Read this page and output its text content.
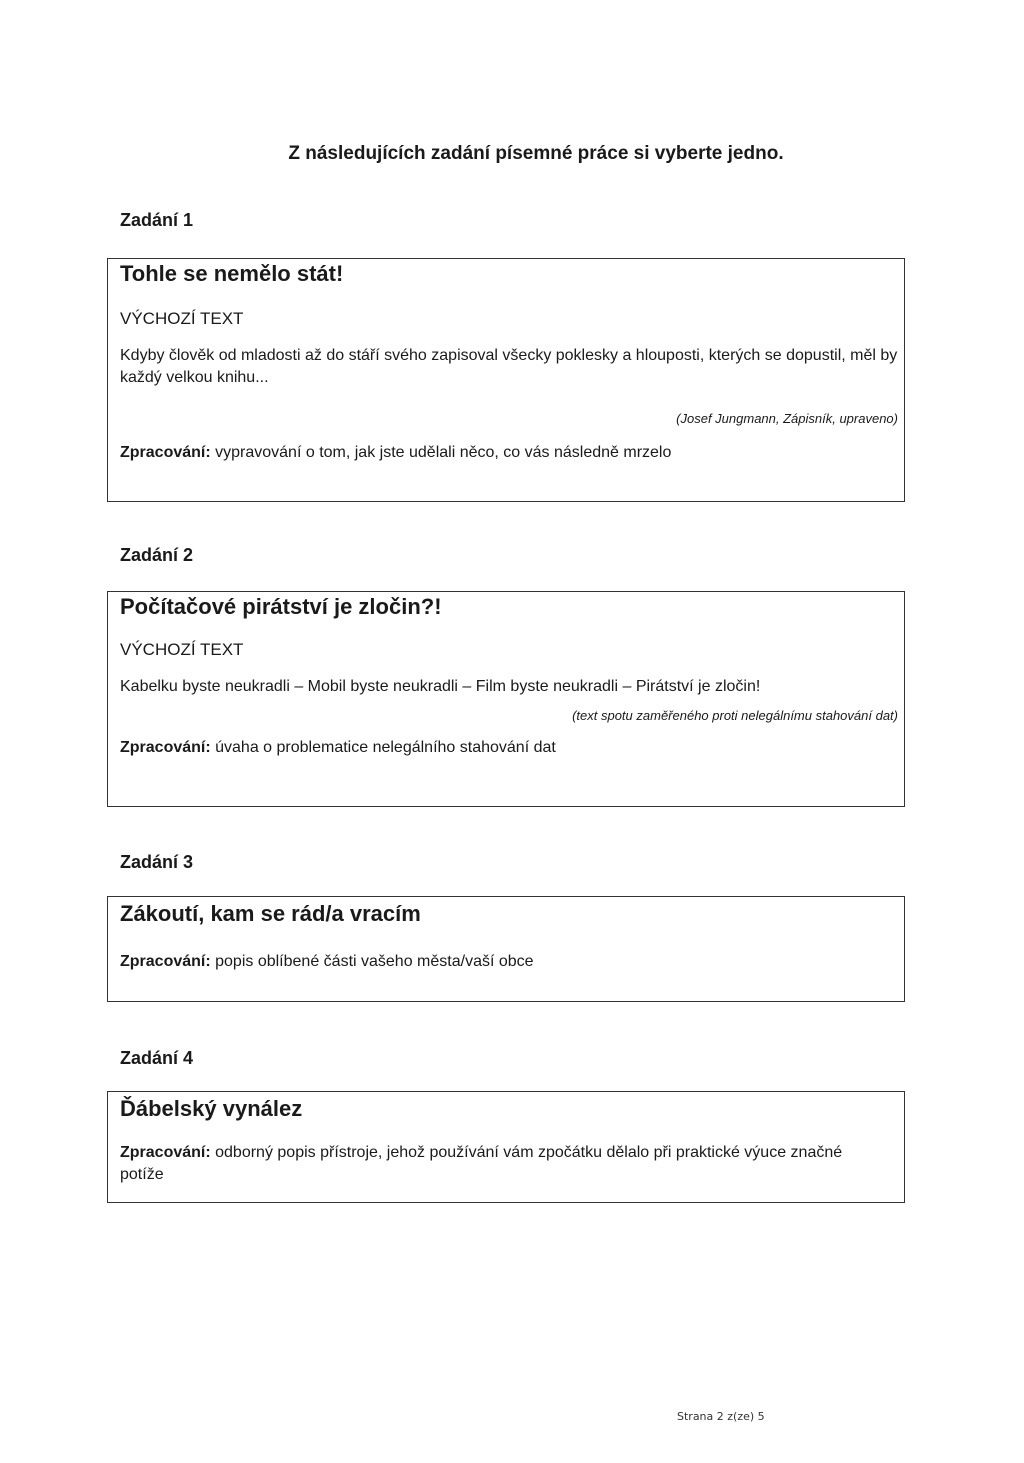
Z následujících zadání písemné práce si vyberte jedno.
Zadání 1
Tohle se nemělo stát!
VÝCHOZÍ TEXT
Kdyby člověk od mladosti až do stáří svého zapisoval všecky poklesky a hlouposti, kterých se dopustil, měl by každý velkou knihu...
(Josef Jungmann, Zápisník, upraveno)
Zpracování: vypravování o tom, jak jste udělali něco, co vás následně mrzelo
Zadání 2
Počítačové pirátství je zločin?!
VÝCHOZÍ TEXT
Kabelku byste neukradli – Mobil byste neukradli – Film byste neukradli – Pirátství je zločin!
(text spotu zaměřeného proti nelegálnímu stahování dat)
Zpracování: úvaha o problematice nelegálního stahování dat
Zadání 3
Zákoutí, kam se rád/a vracím
Zpracování: popis oblíbené části vašeho města/vaší obce
Zadání 4
Ďábelský vynález
Zpracování: odborný popis přístroje, jehož používání vám zpočátku dělalo při praktické výuce značné potíže
Strana 2 z(ze) 5
